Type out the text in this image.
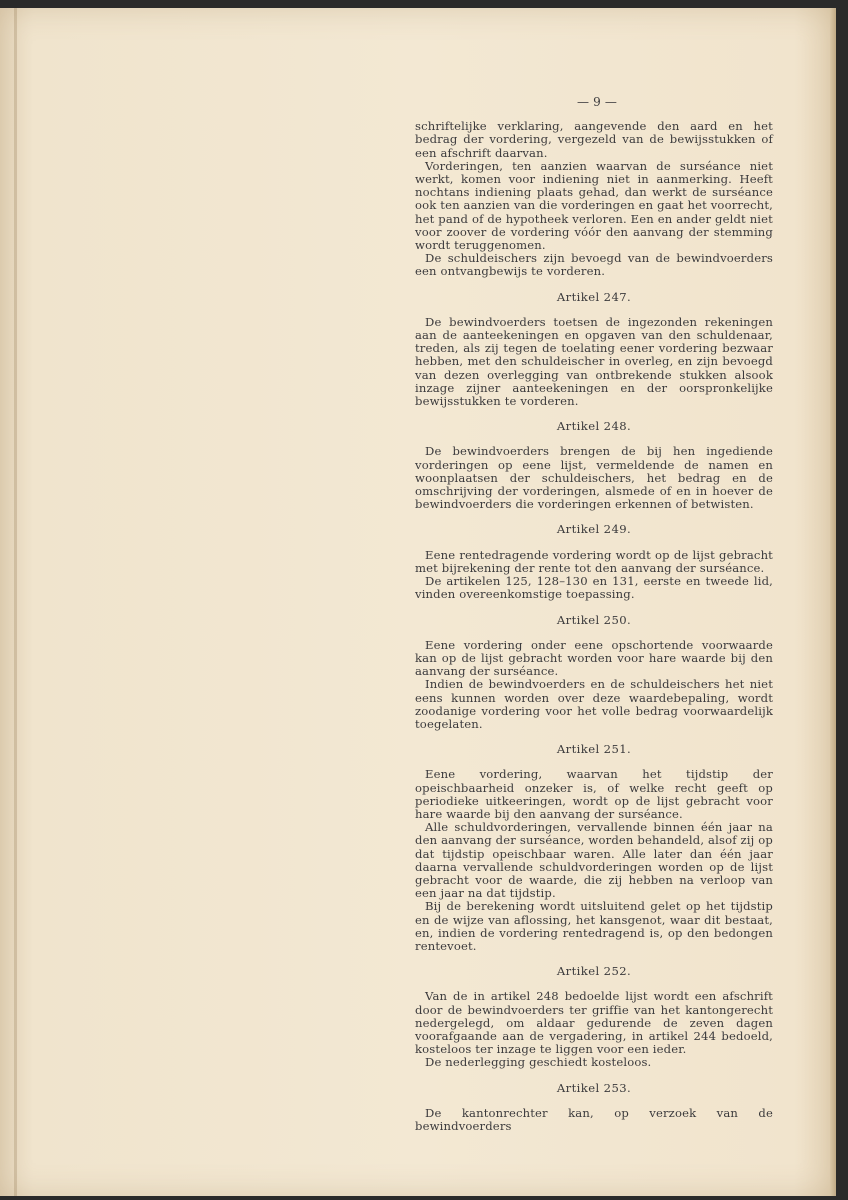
— 9 —

schriftelijke verklaring, aangevende den aard en het bedrag der vordering, vergezeld van de bewijsstukken of een afschrift daarvan.

Vorderingen, ten aanzien waarvan de surséance niet werkt, komen voor indiening niet in aanmerking. Heeft nochtans indiening plaats gehad, dan werkt de surséance ook ten aanzien van die vorderingen en gaat het voorrecht, het pand of de hypotheek verloren. Een en ander geldt niet voor zoover de vordering vóór den aanvang der stemming wordt teruggenomen.

De schuldeischers zijn bevoegd van de bewindvoerders een ontvangbewijs te vorderen.

Artikel 247.

De bewindvoerders toetsen de ingezonden rekeningen aan de aanteekeningen en opgaven van den schuldenaar, treden, als zij tegen de toelating eener vordering bezwaar hebben, met den schuldeischer in overleg, en zijn bevoegd van dezen overlegging van ontbrekende stukken alsook inzage zijner aanteekeningen en der oorspronkelijke bewijsstukken te vorderen.

Artikel 248.

De bewindvoerders brengen de bij hen ingediende vorderingen op eene lijst, vermeldende de namen en woonplaatsen der schuldeischers, het bedrag en de omschrijving der vorderingen, alsmede of en in hoever de bewindvoerders die vorderingen erkennen of betwisten.

Artikel 249.

Eene rentedragende vordering wordt op de lijst gebracht met bijrekening der rente tot den aanvang der surséance.

De artikelen 125, 128–130 en 131, eerste en tweede lid, vinden overeenkomstige toepassing.

Artikel 250.

Eene vordering onder eene opschortende voorwaarde kan op de lijst gebracht worden voor hare waarde bij den aanvang der surséance.

Indien de bewindvoerders en de schuldeischers het niet eens kunnen worden over deze waardebepaling, wordt zoodanige vordering voor het volle bedrag voorwaardelijk toegelaten.

Artikel 251.

Eene vordering, waarvan het tijdstip der opeischbaarheid onzeker is, of welke recht geeft op periodieke uitkeeringen, wordt op de lijst gebracht voor hare waarde bij den aanvang der surséance.

Alle schuldvorderingen, vervallende binnen één jaar na den aanvang der surséance, worden behandeld, alsof zij op dat tijdstip opeischbaar waren. Alle later dan één jaar daarna vervallende schuldvorderingen worden op de lijst gebracht voor de waarde, die zij hebben na verloop van een jaar na dat tijdstip.

Bij de berekening wordt uitsluitend gelet op het tijdstip en de wijze van aflossing, het kansgenot, waar dit bestaat, en, indien de vordering rentedragend is, op den bedongen rentevoet.

Artikel 252.

Van de in artikel 248 bedoelde lijst wordt een afschrift door de bewindvoerders ter griffie van het kantongerecht nedergelegd, om aldaar gedurende de zeven dagen voorafgaande aan de vergadering, in artikel 244 bedoeld, kosteloos ter inzage te liggen voor een ieder.

De nederlegging geschiedt kosteloos.

Artikel 253.

De kantonrechter kan, op verzoek van de bewindvoerders
